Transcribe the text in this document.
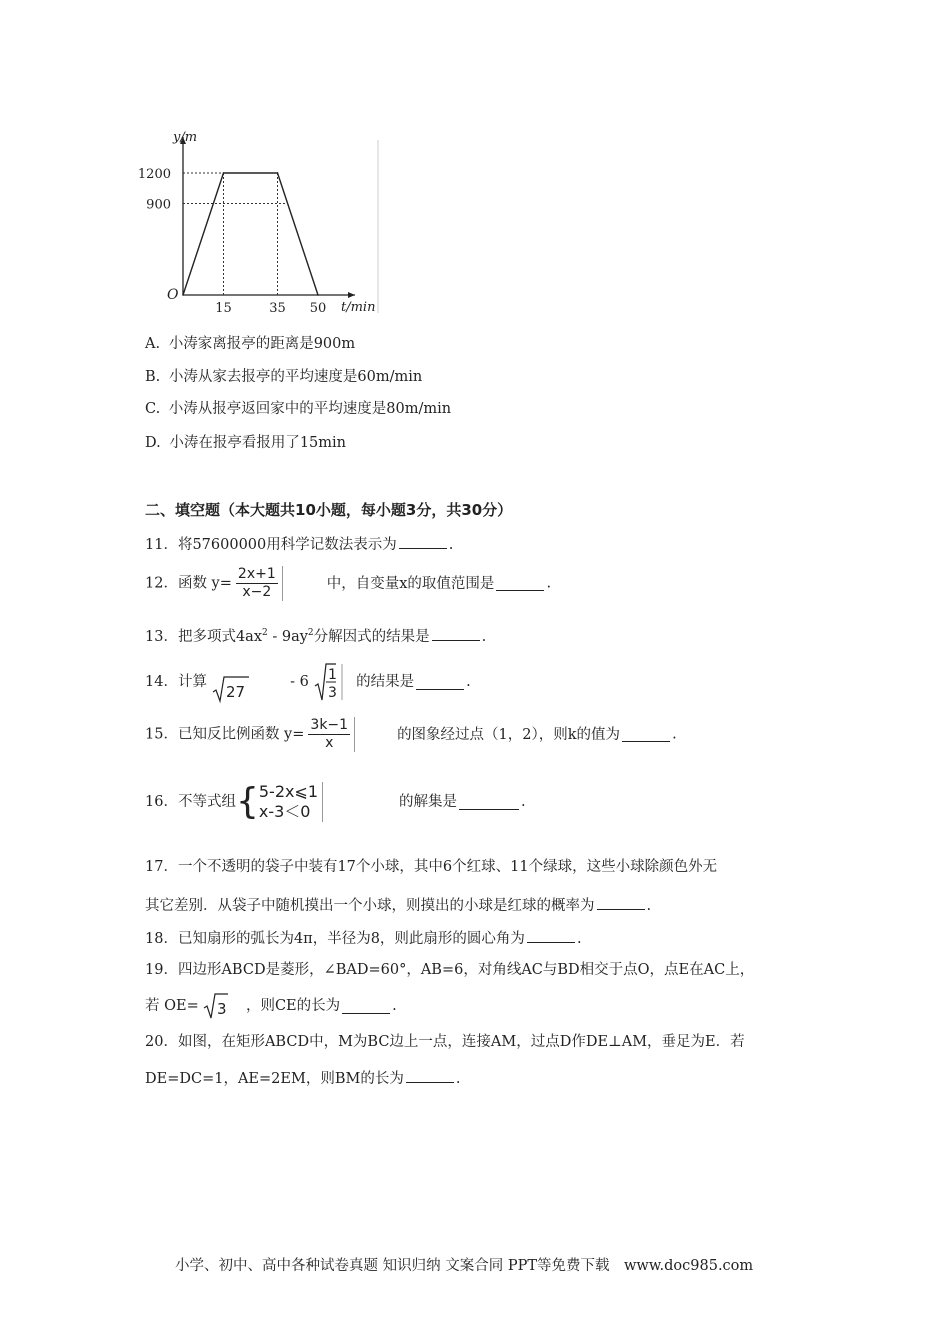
y/m
t/min
O
1200
900
15	35 50
A. 小涛家离报亭的距离是900m
B. 小涛从家去报亭的平均速度是60m/min
C. 小涛从报亭返回家中的平均速度是80m/min
D. 小涛在报亭看报用了15min
二、填空题（本大题共10小题，每小题3分，共30分）
11．将57600000用科学记数法表示为	.
12．函数 $y= \frac{2x+1}{x-2}$	中，自变量x的取值范围是	.
13．把多项式$4ax^2 - 9ay^2$分解因式的结果是	.
14．计算
27
- 6 1
3
的结果是	.
15．已知反比例函数 $y= \frac{3k-1}{x}$	的图象经过点（1，2），则k的值为	.
16．不等式组{ 5-2x⩽1
x-3＜0	的解集是	.
17．一个不透明的袋子中装有17个小球，其中6个红球、11个绿球，这些小球除颜色外无
其它差别．从袋子中随机摸出一个小球，则摸出的小球是红球的概率为	.
18．已知扇形的弧长为4π，半径为8，则此扇形的圆心角为	.
19．四边形ABCD是菱形，∠BAD=60°，AB=6，对角线AC与BD相交于点O，点E在AC上，
若 OE= 3 ，则CE的长为	.
20．如图，在矩形ABCD中，M为BC边上一点，连接AM，过点D作DE⊥AM，垂足为E．若
DE=DC=1，AE=2EM，则BM的长为	.
小学、初中、高中各种试卷真题 知识归纳 文案合同 PPT等免费下载　www.doc985.com
